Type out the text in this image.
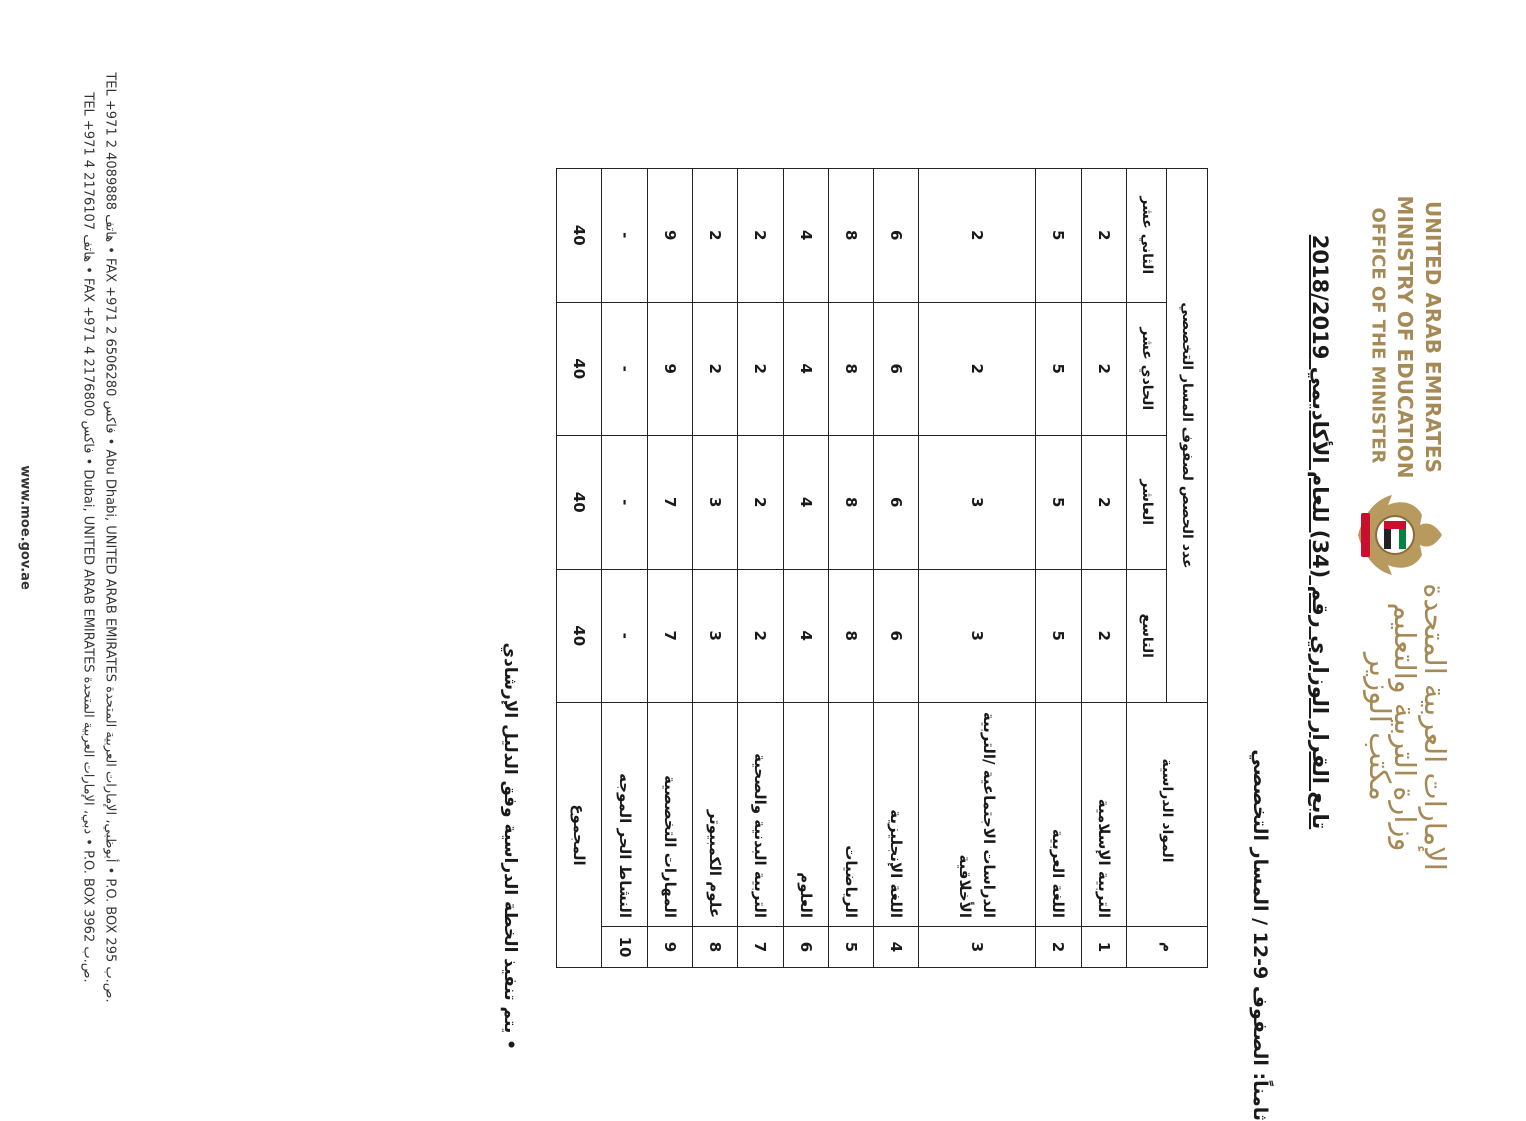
الإمارات العربية المتحدة
وزارة التربية والتعليم
مكتب الوزير
UNITED ARAB EMIRATES
MINISTRY OF EDUCATION
OFFICE OF THE MINISTER
تابع القرار الوزاري رقم (34) للعام الأكاديمي 2018/2019
ثامناً: الصفوف 9-12 / المسار التخصصي
م	المواد الدراسية	عدد الحصص لصفوف المسار التخصصي			
		التاسع	العاشر	الحادي عشر	الثاني عشر
1	التربية الإسلامية	2	2	2	2
2	اللغة العربية	5	5	5	5
3	الدراسات الاجتماعية /التربية الأخلاقية	3	3	2	2
4	اللغة الإنجليزية	6	6	6	6
5	الرياضيات	8	8	8	8
6	العلوم	4	4	4	4
7	التربية البدنية والصحية	2	2	2	2
8	علوم الكمبيوتر	3	3	2	2
9	المهارات التخصصية	7	7	9	9
10	النشاط الحر الموجه	-	-	-	-
المجموع		40	40	40	40
• يتم تنفيذ الخطة الدراسية وفق الدليل الإرشادي
TEL +971 2 4089888 هاتف • FAX +971 2 6506280 فاكس • Abu Dhabi, UNITED ARAB EMIRATES أبوظبي، الإمارات العربية المتحدة • P.O. BOX 295 ص.ب.
TEL +971 4 2176107 هاتف • FAX +971 4 2176800 فاكس • Dubai, UNITED ARAB EMIRATES دبي، الإمارات العربية المتحدة • P.O. BOX 3962 ص.ب.
www.moe.gov.ae
